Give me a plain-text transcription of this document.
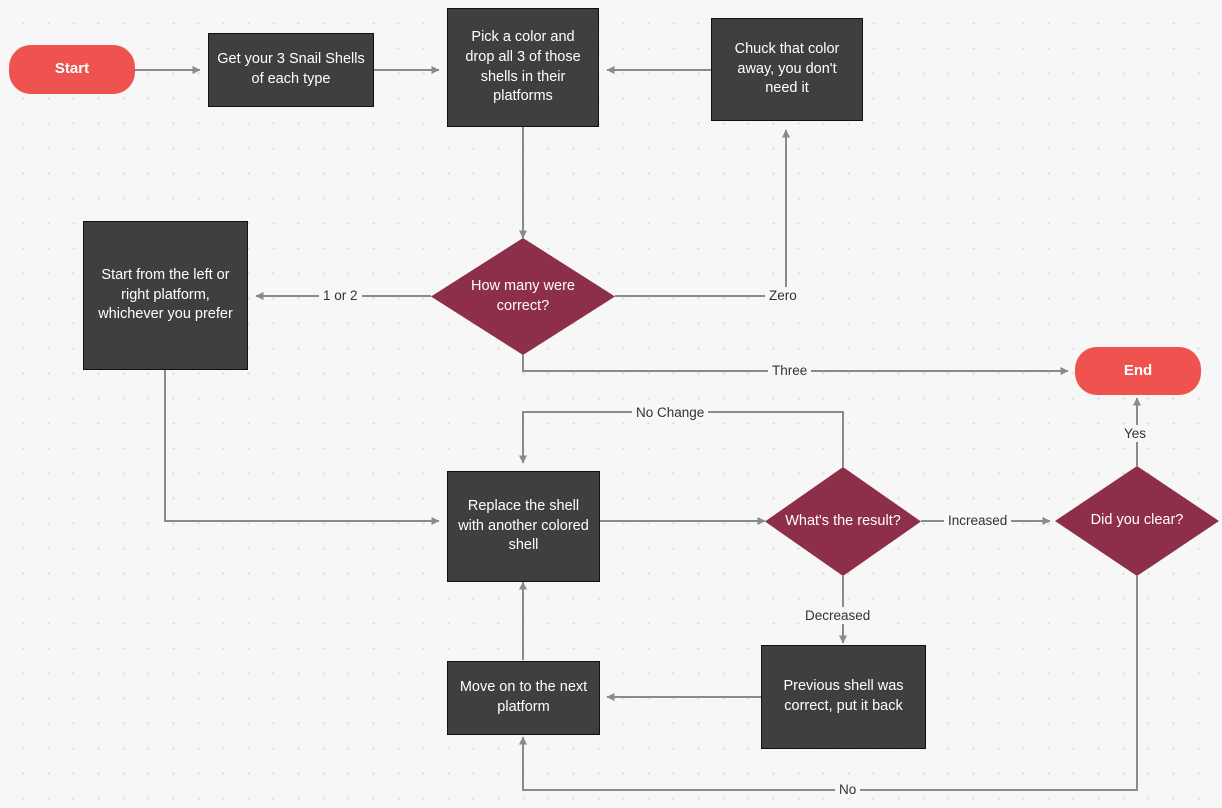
Start
Get your 3 Snail Shells of each type
Pick a color and drop all 3 of those shells in their platforms
Chuck that color away, you don't need it
How many were correct?
Start from the left or right platform, whichever you prefer
End
Replace the shell with another colored shell
What's the result?	Did you clear?
Previous shell was correct, put it back
Move on to the next platform
1 or 2	Zero
Three
No Change
Increased
Decreased
Yes
No
